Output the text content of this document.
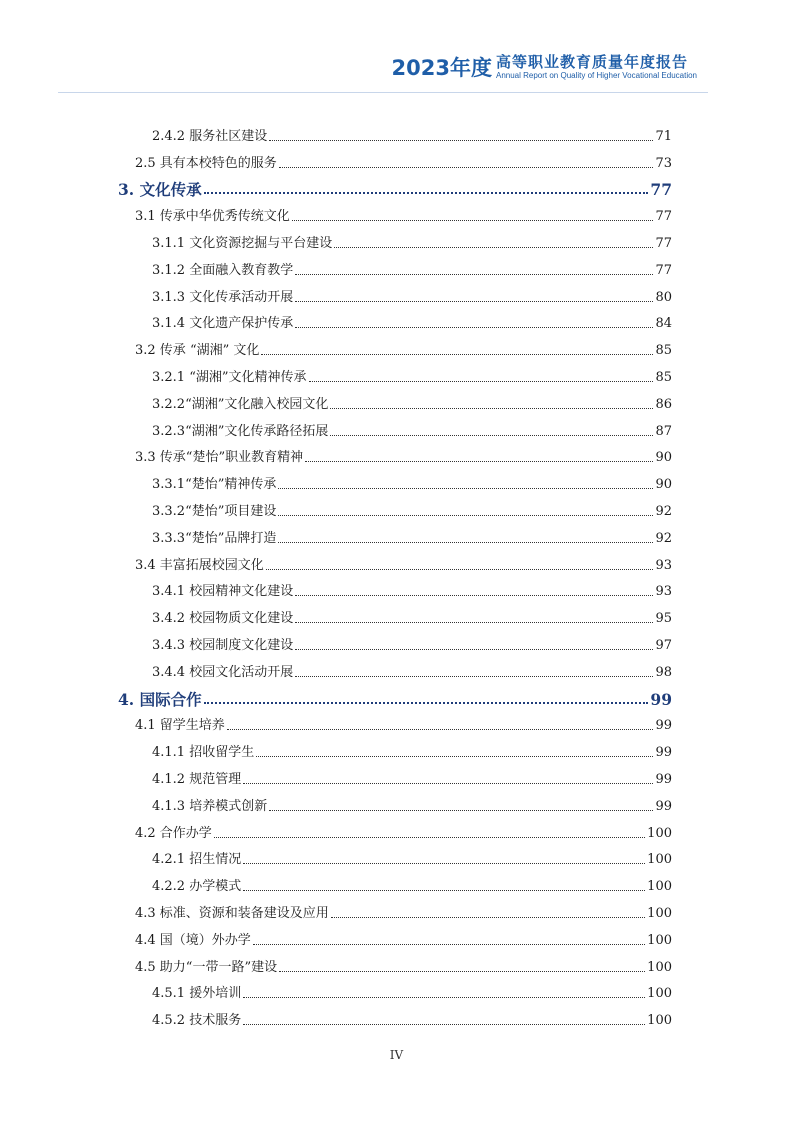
2023年度 高等职业教育质量年度报告
Annual Report on Quality of Higher Vocational Education
2.4.2 服务社区建设	71
2.5 具有本校特色的服务	73
3. 文化传承	77
3.1 传承中华优秀传统文化	77
3.1.1 文化资源挖掘与平台建设	77
3.1.2 全面融入教育教学	77
3.1.3 文化传承活动开展	80
3.1.4 文化遗产保护传承	84
3.2 传承 “湖湘” 文化	85
3.2.1 “湖湘”文化精神传承	85
3.2.2“湖湘”文化融入校园文化	86
3.2.3“湖湘”文化传承路径拓展	87
3.3 传承“楚怡”职业教育精神	90
3.3.1“楚怡”精神传承	90
3.3.2“楚怡”项目建设	92
3.3.3“楚怡”品牌打造	92
3.4 丰富拓展校园文化	93
3.4.1 校园精神文化建设	93
3.4.2 校园物质文化建设	95
3.4.3 校园制度文化建设	97
3.4.4 校园文化活动开展	98
4. 国际合作	99
4.1 留学生培养	99
4.1.1 招收留学生	99
4.1.2 规范管理	99
4.1.3 培养模式创新	99
4.2 合作办学	100
4.2.1 招生情况	100
4.2.2 办学模式	100
4.3 标准、资源和装备建设及应用	100
4.4 国（境）外办学	100
4.5 助力“一带一路”建设	100
4.5.1 援外培训	100
4.5.2 技术服务	100
IV
